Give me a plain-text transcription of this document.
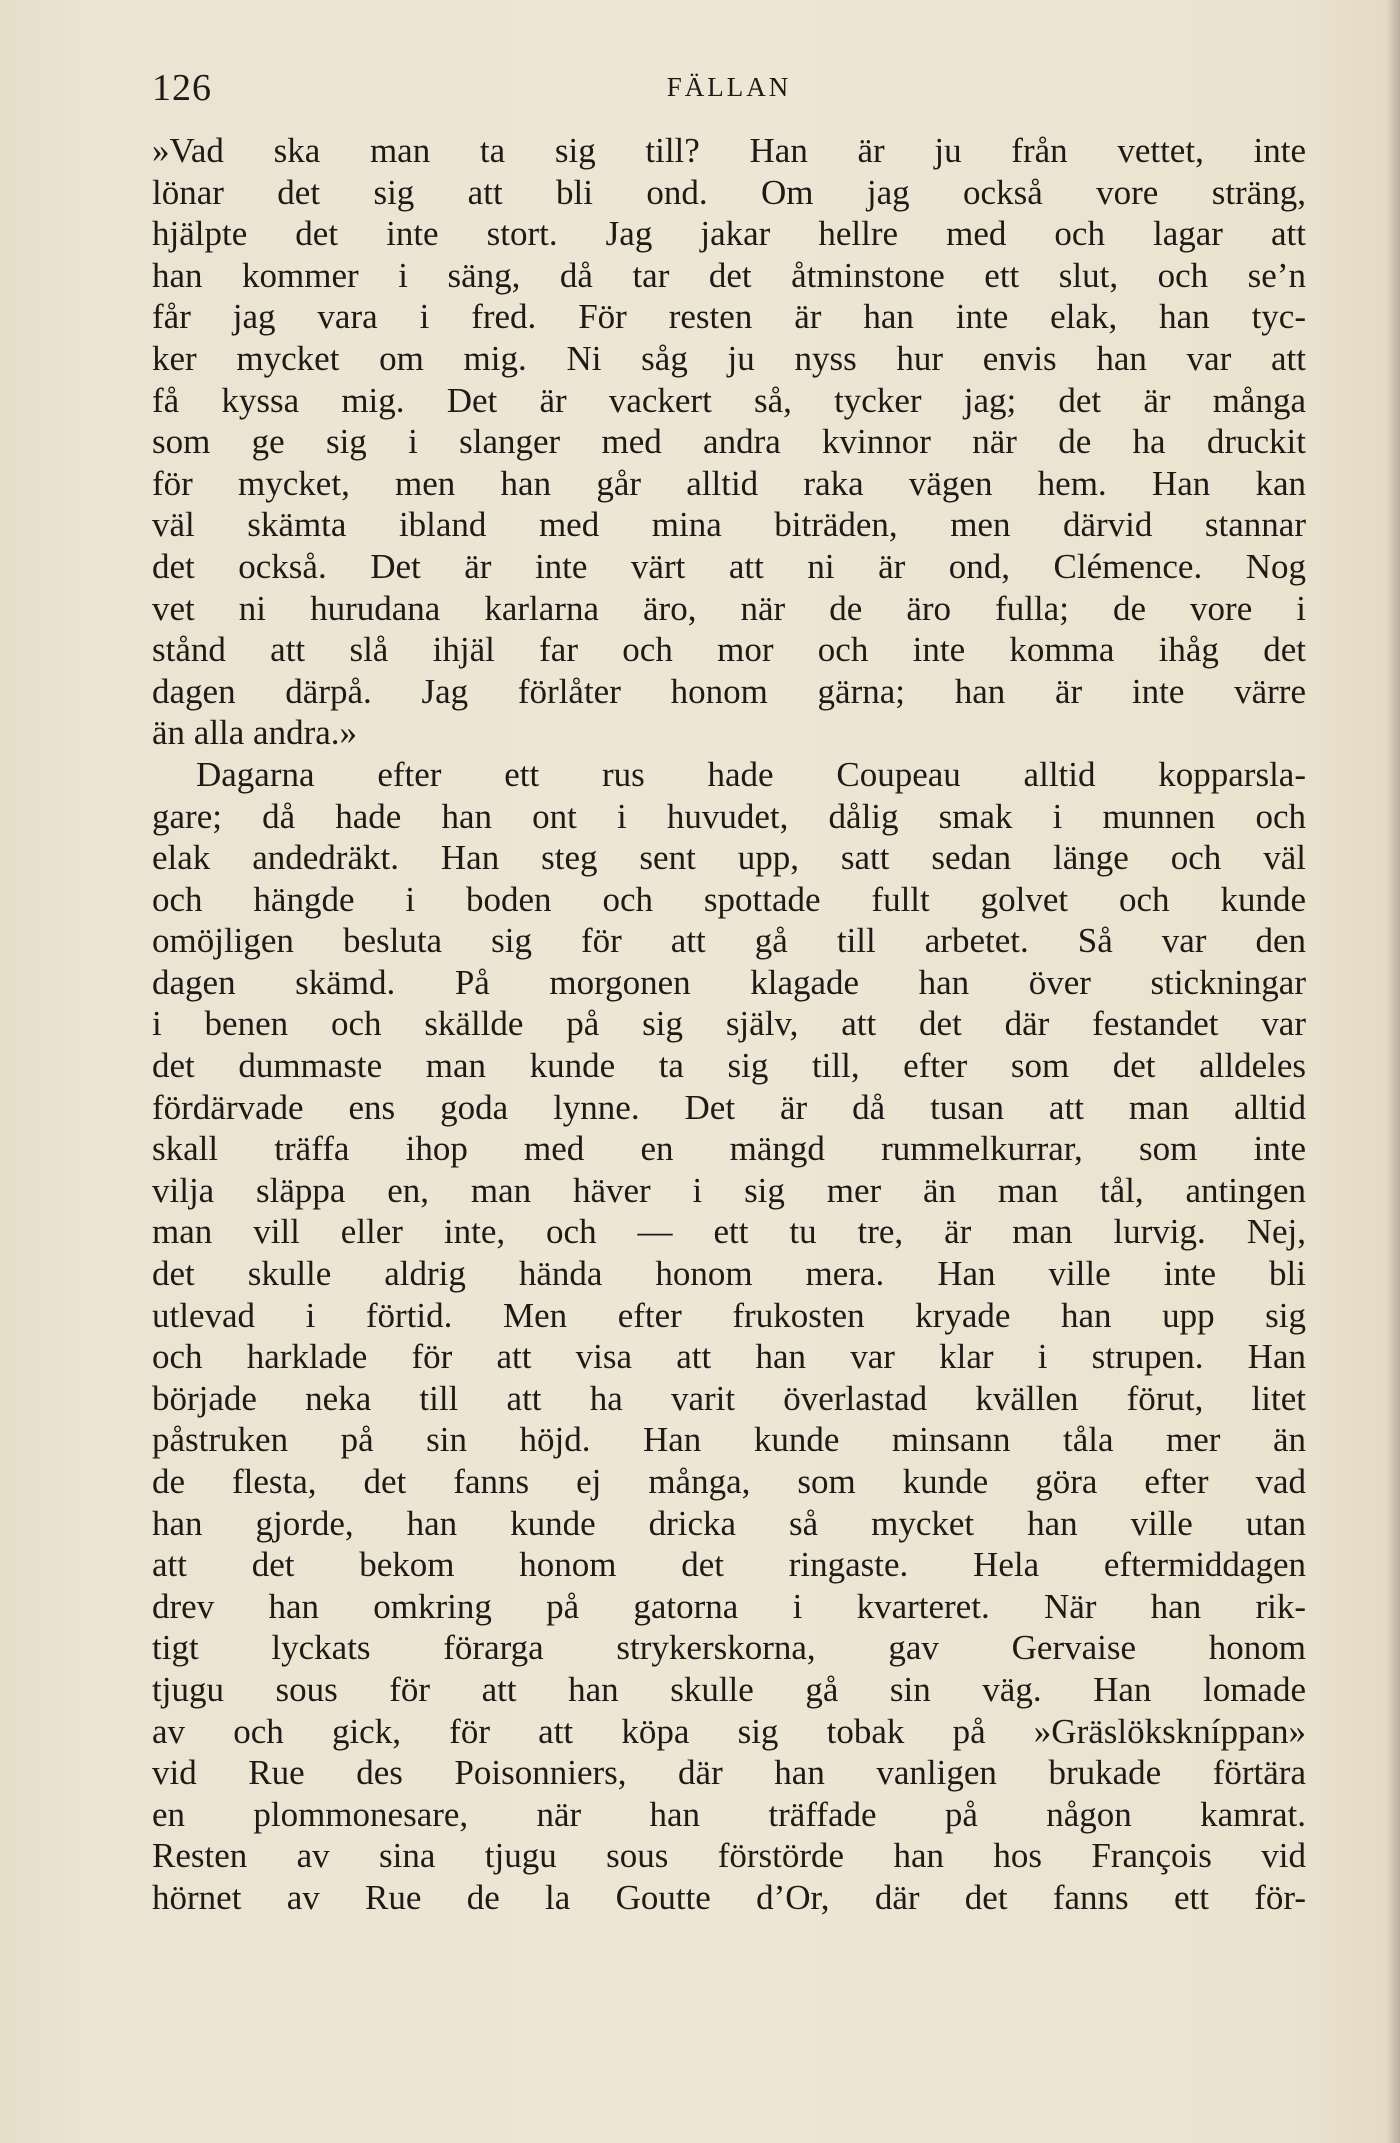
126	FÄLLAN
»Vad ska man ta sig till? Han är ju från vettet, inte
lönar det sig att bli ond. Om jag också vore sträng,
hjälpte det inte stort. Jag jakar hellre med och lagar att
han kommer i säng, då tar det åtminstone ett slut, och se’n
får jag vara i fred. För resten är han inte elak, han tyc-
ker mycket om mig. Ni såg ju nyss hur envis han var att
få kyssa mig. Det är vackert så, tycker jag; det är många
som ge sig i slanger med andra kvinnor när de ha druckit
för mycket, men han går alltid raka vägen hem. Han kan
väl skämta ibland med mina biträden, men därvid stannar
det också. Det är inte värt att ni är ond, Clémence. Nog
vet ni hurudana karlarna äro, när de äro fulla; de vore i
stånd att slå ihjäl far och mor och inte komma ihåg det
dagen därpå. Jag förlåter honom gärna; han är inte värre
än alla andra.»
Dagarna efter ett rus hade Coupeau alltid kopparsla-
gare; då hade han ont i huvudet, dålig smak i munnen och
elak andedräkt. Han steg sent upp, satt sedan länge och väl
och hängde i boden och spottade fullt golvet och kunde
omöjligen besluta sig för att gå till arbetet. Så var den
dagen skämd. På morgonen klagade han över stickningar
i benen och skällde på sig själv, att det där festandet var
det dummaste man kunde ta sig till, efter som det alldeles
fördärvade ens goda lynne. Det är då tusan att man alltid
skall träffa ihop med en mängd rummelkurrar, som inte
vilja släppa en, man häver i sig mer än man tål, antingen
man vill eller inte, och — ett tu tre, är man lurvig. Nej,
det skulle aldrig hända honom mera. Han ville inte bli
utlevad i förtid. Men efter frukosten kryade han upp sig
och harklade för att visa att han var klar i strupen. Han
började neka till att ha varit överlastad kvällen förut, litet
påstruken på sin höjd. Han kunde minsann tåla mer än
de flesta, det fanns ej många, som kunde göra efter vad
han gjorde, han kunde dricka så mycket han ville utan
att det bekom honom det ringaste. Hela eftermiddagen
drev han omkring på gatorna i kvarteret. När han rik-
tigt lyckats förarga strykerskorna, gav Gervaise honom
tjugu sous för att han skulle gå sin väg. Han lomade
av och gick, för att köpa sig tobak på »Gräslökskníppan»
vid Rue des Poisonniers, där han vanligen brukade förtära
en plommonesare, när han träffade på någon kamrat.
Resten av sina tjugu sous förstörde han hos François vid
hörnet av Rue de la Goutte d’Or, där det fanns ett för-
